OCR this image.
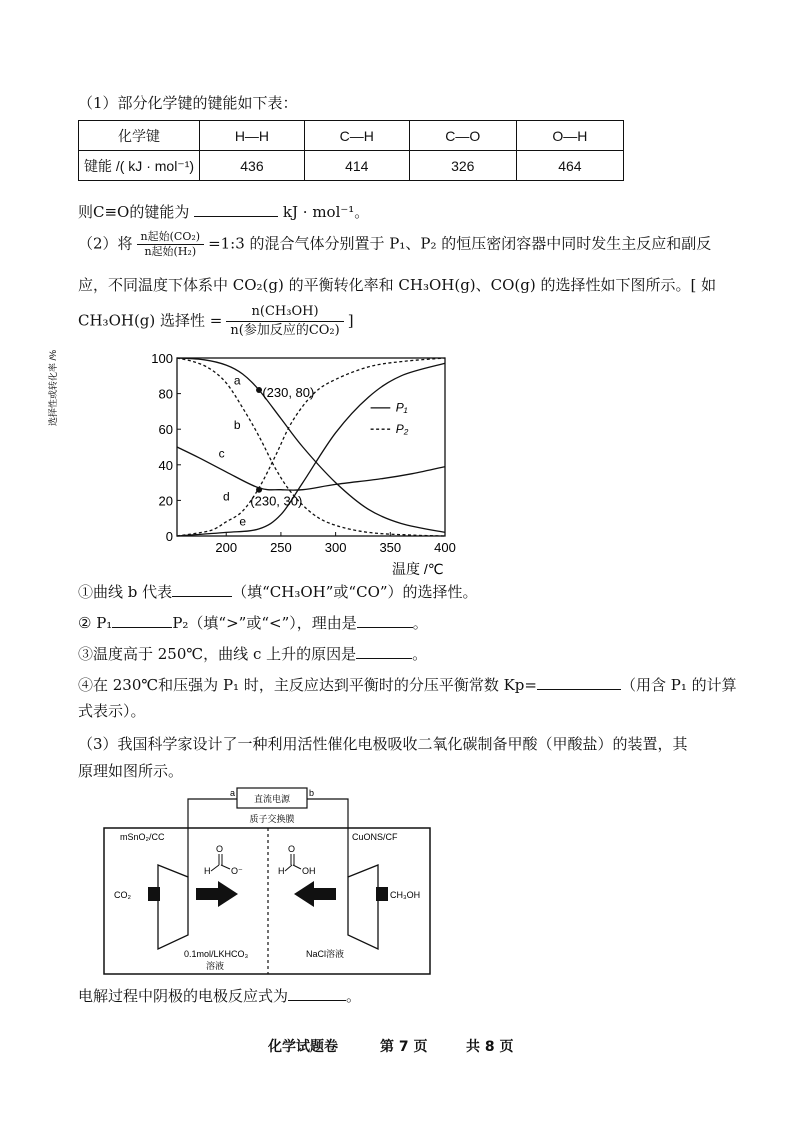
（1）部分化学键的键能如下表：
化学键	H—H	C—H	C—O	O—H
键能 /( kJ · mol⁻¹)	436	414	326	464
则C≡O的键能为	kJ · mol⁻¹。
（2）将 $\frac{\text{n起始(CO₂)}}{\text{n起始(H₂)}}$ =1:3 的混合气体分别置于 P₁、P₂ 的恒压密闭容器中同时发生主反应和副反
应，不同温度下体系中 CO₂(g) 的平衡转化率和 CH₃OH(g)、CO(g) 的选择性如下图所示。[ 如
CH₃OH(g) 选择性 = $\frac{\text{n(CH₃OH)}}{\text{n(参加反应的CO₂)}}$ ]
0
20
40
60
80
100
200	250	300	350	400
a
b
c
d
e
(230, 80)
(230, 30)
P₁
P₂
选择性或转化率 /%
温度 /℃
①曲线 b 代表	（填“CH₃OH”或“CO”）的选择性。
② P₁	P₂（填“>”或“<”），理由是	。
③温度高于 250℃，曲线 c 上升的原因是	。
④在 230℃和压强为 P₁ 时，主反应达到平衡时的分压平衡常数 Kp=	（用含 P₁ 的计算
式表示）。
（3）我国科学家设计了一种利用活性催化电极吸收二氧化碳制备甲酸（甲酸盐）的装置，其
原理如图所示。
直流电源
a	b
质子交换膜
mSnO₂/CC	CuONS/CF
CO₂	CH₃OH
H
O
O⁻	H
O
O H
0.1mol/LKHCO₃
溶液
NaCl溶液
电解过程中阴极的电极反应式为	。
化学试题卷	第 7 页	共 8 页
